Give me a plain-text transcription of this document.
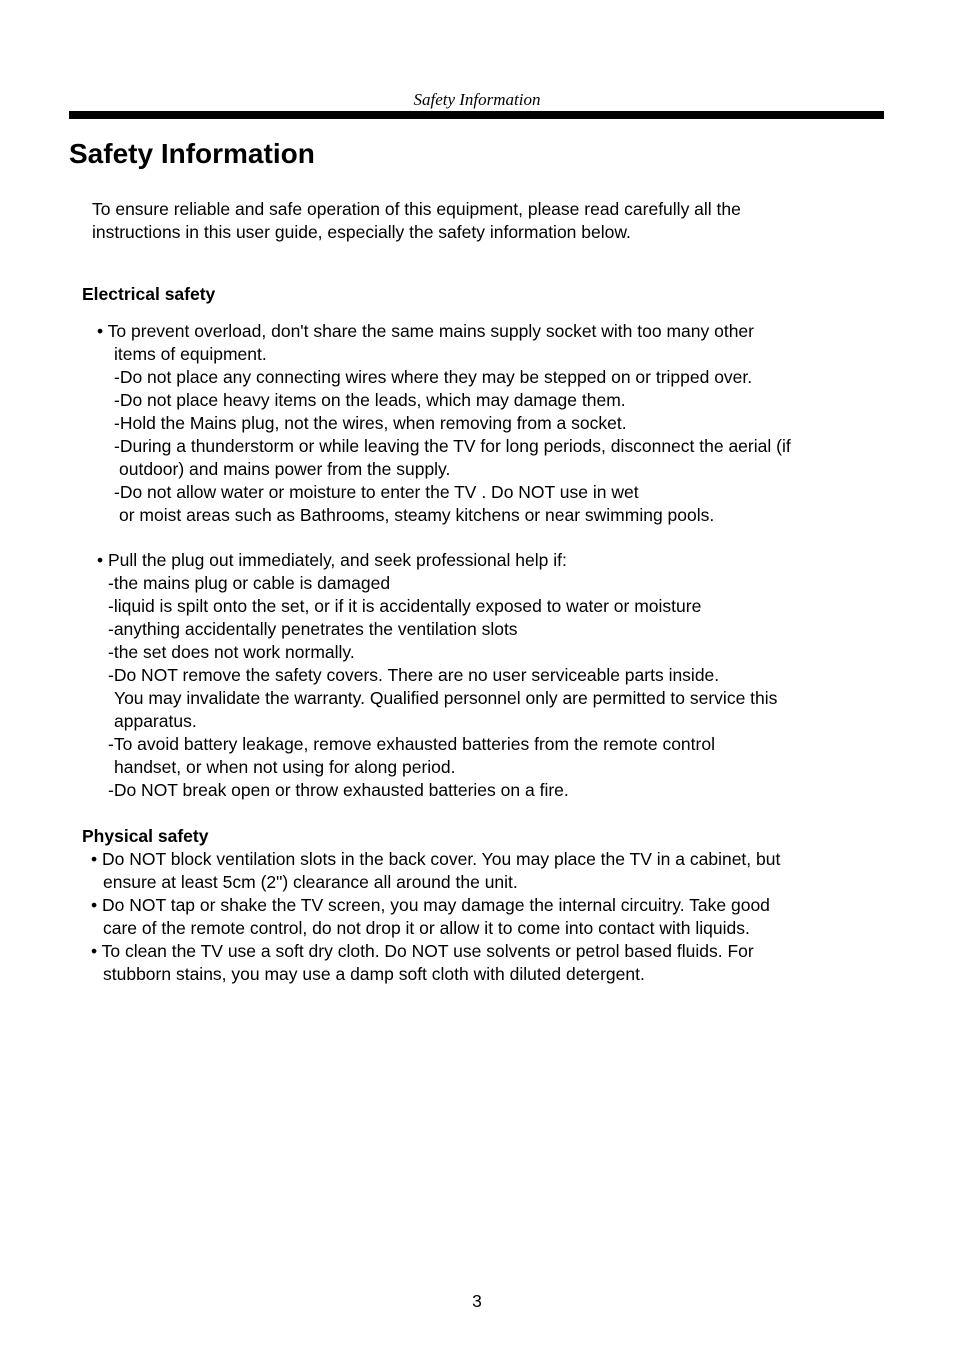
Safety Information
Safety Information

To ensure reliable and safe operation of this equipment, please read carefully all the

instructions in this user guide, especially the safety information below.

Electrical safety

• To prevent overload, don't share the same mains supply socket with too many other

items of equipment.

-Do not place any connecting wires where they may be stepped on or tripped over.

-Do not place heavy items on the leads, which may damage them.

-Hold the Mains plug, not the wires, when removing from a socket.

-During a thunderstorm or while leaving the TV for long periods, disconnect the aerial (if

outdoor) and mains power from the supply.

-Do not allow water or moisture to enter the TV . Do NOT use in wet

or moist areas such as Bathrooms, steamy kitchens or near swimming pools.

• Pull the plug out immediately, and seek professional help if:

-the mains plug or cable is damaged

-liquid is spilt onto the set, or if it is accidentally exposed to water or moisture

-anything accidentally penetrates the ventilation slots

-the set does not work normally.

-Do NOT remove the safety covers. There are no user serviceable parts inside.

You may invalidate the warranty. Qualified personnel only are permitted to service this

apparatus.

-To avoid battery leakage, remove exhausted batteries from the remote control

handset, or when not using for along period.

-Do NOT break open or throw exhausted batteries on a fire.

Physical safety

• Do NOT block ventilation slots in the back cover. You may place the TV in a cabinet, but

ensure at least 5cm (2") clearance all around the unit.

• Do NOT tap or shake the TV screen, you may damage the internal circuitry. Take good

care of the remote control, do not drop it or allow it to come into contact with liquids.

• To clean the TV use a soft dry cloth. Do NOT use solvents or petrol based fluids. For

stubborn stains, you may use a damp soft cloth with diluted detergent.

3
